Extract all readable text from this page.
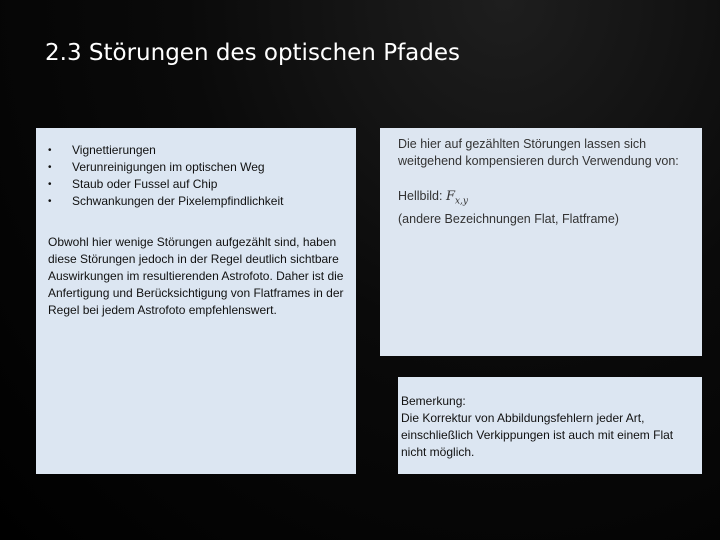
2.3 Störungen des optischen Pfades
• Vignettierungen
• Verunreinigungen im optischen Weg
• Staub oder Fussel auf Chip
• Schwankungen der Pixelempfindlichkeit
Obwohl hier wenige Störungen aufgezählt sind, haben diese Störungen jedoch in der Regel deutlich sichtbare Auswirkungen im resultierenden Astrofoto. Daher ist die Anfertigung und Berücksichtigung von Flatframes in der Regel bei jedem Astrofoto empfehlenswert.
Die hier auf gezählten Störungen lassen sich weitgehend kompensieren durch Verwendung von:
Hellbild: $F_{x,y}$
(andere Bezeichnungen Flat, Flatframe)
Bemerkung:
Die Korrektur von Abbildungsfehlern jeder Art, einschließlich Verkippungen ist auch mit einem Flat nicht möglich.
